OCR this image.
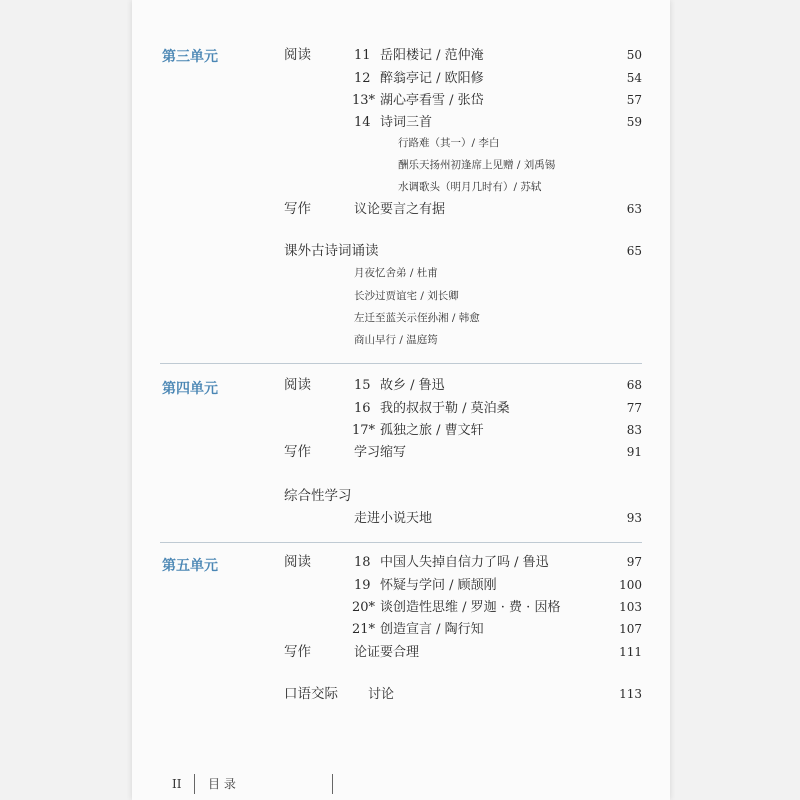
第三单元	阅读	11 岳阳楼记 / 范仲淹	50
12 醉翁亭记 / 欧阳修	54
13* 湖心亭看雪 / 张岱	57
14 诗词三首	59
行路难（其一）/ 李白
酬乐天扬州初逢席上见赠 / 刘禹锡
水调歌头（明月几时有）/ 苏轼
写作	议论要言之有据	63
课外古诗词诵读	65
月夜忆舍弟 / 杜甫
长沙过贾谊宅 / 刘长卿
左迁至蓝关示侄孙湘 / 韩愈
商山早行 / 温庭筠
第四单元	阅读	15 故乡 / 鲁迅	68
16 我的叔叔于勒 / 莫泊桑	77
17* 孤独之旅 / 曹文轩	83
写作	学习缩写	91
综合性学习
走进小说天地	93
第五单元	阅读	18 中国人失掉自信力了吗 / 鲁迅	97
19 怀疑与学问 / 顾颉刚	100
20* 谈创造性思维 / 罗迦 · 费 · 因格	103
21* 创造宣言 / 陶行知	107
写作	论证要合理	111
口语交际 讨论	113
II 目 录
